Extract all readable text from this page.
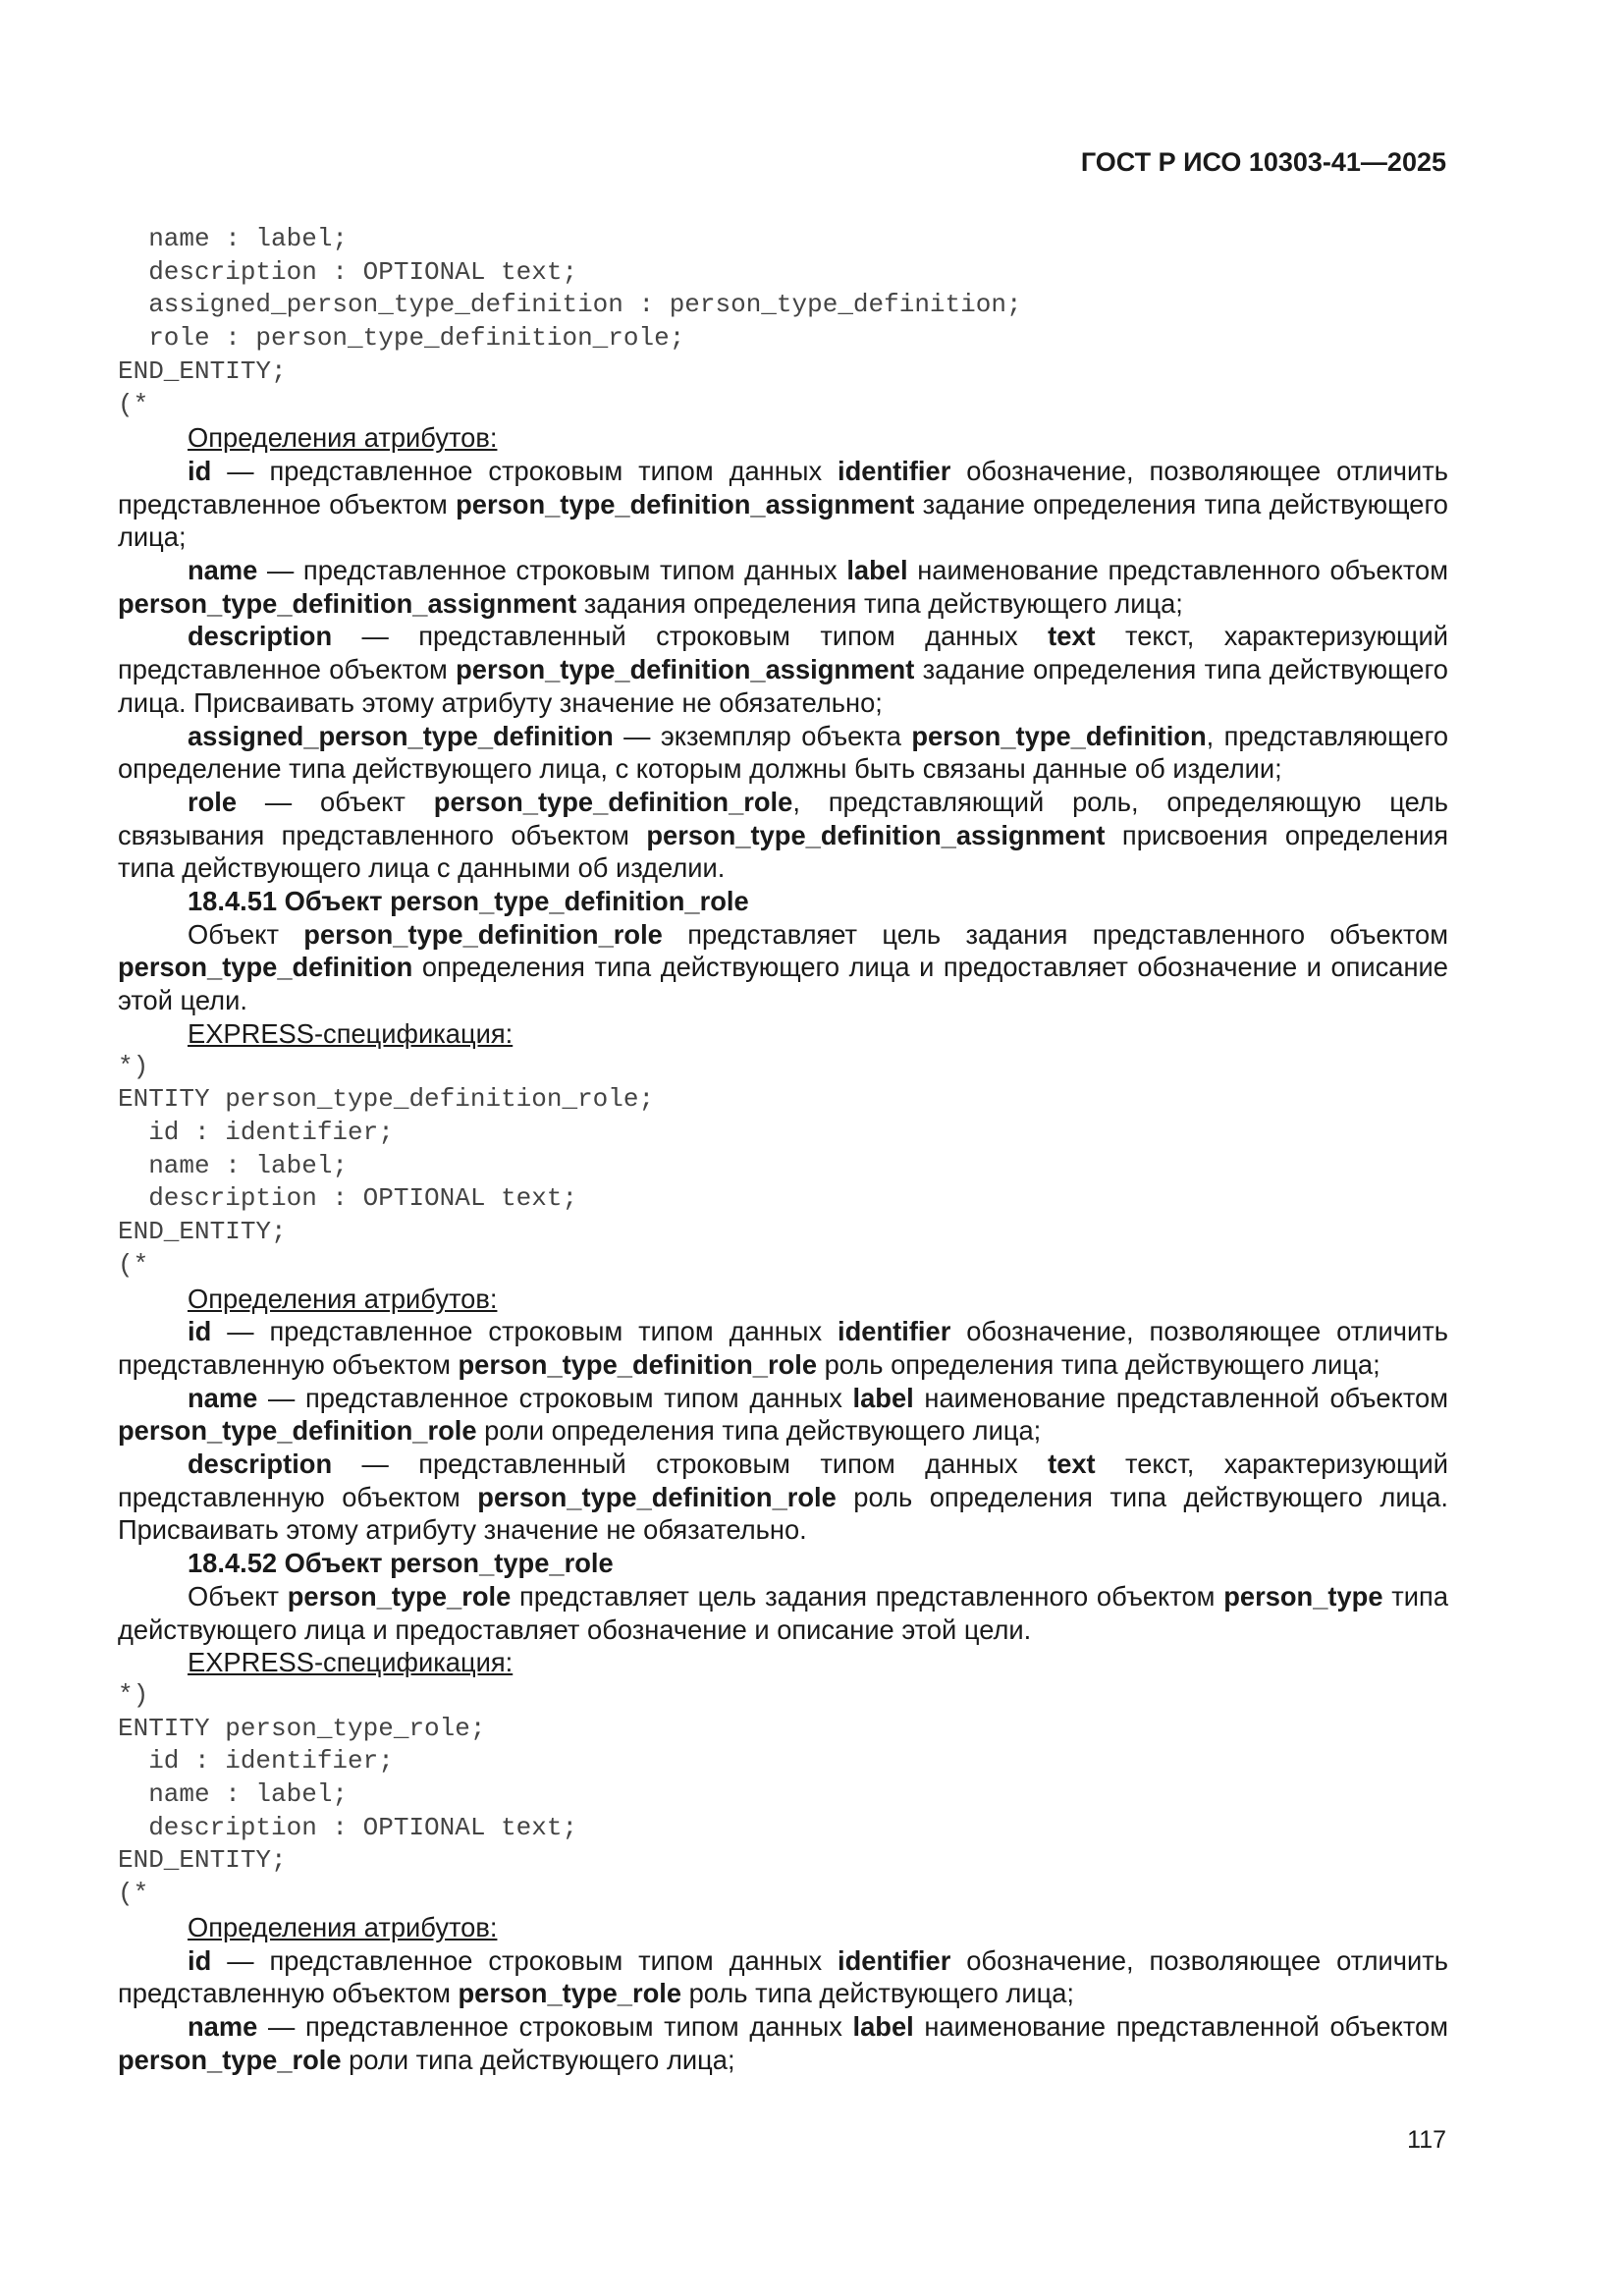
ГОСТ Р ИСО 10303-41—2025
name : label;
description : OPTIONAL text;
assigned_person_type_definition : person_type_definition;
role : person_type_definition_role;
END_ENTITY;
(*

Определения атрибутов:

id — представленное строковым типом данных identifier обозначение, позволяющее отличить представленное объектом person_type_definition_assignment задание определения типа действующего лица;

name — представленное строковым типом данных label наименование представленного объектом person_type_definition_assignment задания определения типа действующего лица;

description — представленный строковым типом данных text текст, характеризующий представленное объектом person_type_definition_assignment задание определения типа действующего лица. Присваивать этому атрибуту значение не обязательно;

assigned_person_type_definition — экземпляр объекта person_type_definition, представляющего определение типа действующего лица, с которым должны быть связаны данные об изделии;

role — объект person_type_definition_role, представляющий роль, определяющую цель связывания представленного объектом person_type_definition_assignment присвоения определения типа действующего лица с данными об изделии.

18.4.51 Объект person_type_definition_role

Объект person_type_definition_role представляет цель задания представленного объектом person_type_definition определения типа действующего лица и предоставляет обозначение и описание этой цели.

EXPRESS-спецификация:

*)
ENTITY person_type_definition_role;
id : identifier;
name : label;
description : OPTIONAL text;
END_ENTITY;
(*

Определения атрибутов:

id — представленное строковым типом данных identifier обозначение, позволяющее отличить представленную объектом person_type_definition_role роль определения типа действующего лица;

name — представленное строковым типом данных label наименование представленной объектом person_type_definition_role роли определения типа действующего лица;

description — представленный строковым типом данных text текст, характеризующий представленную объектом person_type_definition_role роль определения типа действующего лица. Присваивать этому атрибуту значение не обязательно.

18.4.52 Объект person_type_role

Объект person_type_role представляет цель задания представленного объектом person_type типа действующего лица и предоставляет обозначение и описание этой цели.

EXPRESS-спецификация:

*)
ENTITY person_type_role;
id : identifier;
name : label;
description : OPTIONAL text;
END_ENTITY;
(*

Определения атрибутов:

id — представленное строковым типом данных identifier обозначение, позволяющее отличить представленную объектом person_type_role роль типа действующего лица;

name — представленное строковым типом данных label наименование представленной объектом person_type_role роли типа действующего лица;

117
